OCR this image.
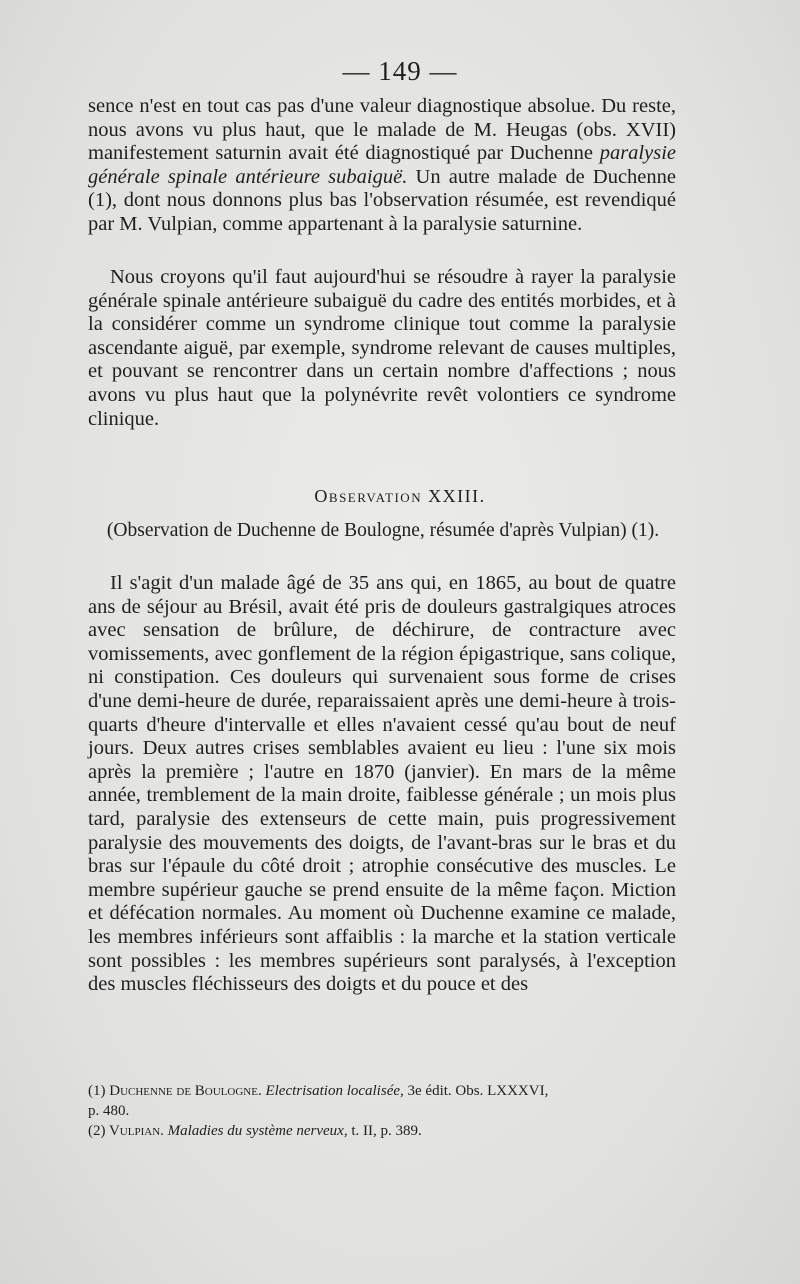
— 149 —

sence n'est en tout cas pas d'une valeur diagnostique absolue. Du reste, nous avons vu plus haut, que le malade de M. Heugas (obs. XVII) manifestement saturnin avait été diagnostiqué par Duchenne paralysie générale spinale antérieure subaiguë. Un autre malade de Duchenne (1), dont nous donnons plus bas l'observation résumée, est revendiqué par M. Vulpian, comme appartenant à la paralysie saturnine.

Nous croyons qu'il faut aujourd'hui se résoudre à rayer la paralysie générale spinale antérieure subaiguë du cadre des entités morbides, et à la considérer comme un syndrome clinique tout comme la paralysie ascendante aiguë, par exemple, syndrome relevant de causes multiples, et pouvant se rencontrer dans un certain nombre d'affections ; nous avons vu plus haut que la polynévrite revêt volontiers ce syndrome clinique.

Observation XXIII.
(Observation de Duchenne de Boulogne, résumée d'après Vulpian) (1).

Il s'agit d'un malade âgé de 35 ans qui, en 1865, au bout de quatre ans de séjour au Brésil, avait été pris de douleurs gastralgiques atroces avec sensation de brûlure, de déchirure, de contracture avec vomissements, avec gonflement de la région épigastrique, sans colique, ni constipation. Ces douleurs qui survenaient sous forme de crises d'une demi-heure de durée, reparaissaient après une demi-heure à trois-quarts d'heure d'intervalle et elles n'avaient cessé qu'au bout de neuf jours. Deux autres crises semblables avaient eu lieu : l'une six mois après la première ; l'autre en 1870 (janvier). En mars de la même année, tremblement de la main droite, faiblesse générale ; un mois plus tard, paralysie des extenseurs de cette main, puis progressivement paralysie des mouvements des doigts, de l'avant-bras sur le bras et du bras sur l'épaule du côté droit ; atrophie consécutive des muscles. Le membre supérieur gauche se prend ensuite de la même façon. Miction et défécation normales. Au moment où Duchenne examine ce malade, les membres inférieurs sont affaiblis : la marche et la station verticale sont possibles : les membres supérieurs sont paralysés, à l'exception des muscles fléchisseurs des doigts et du pouce et des

(1) Duchenne de Boulogne. Electrisation localisée, 3e édit. Obs. LXXXVI,
p. 480.
(2) Vulpian. Maladies du système nerveux, t. II, p. 389.
